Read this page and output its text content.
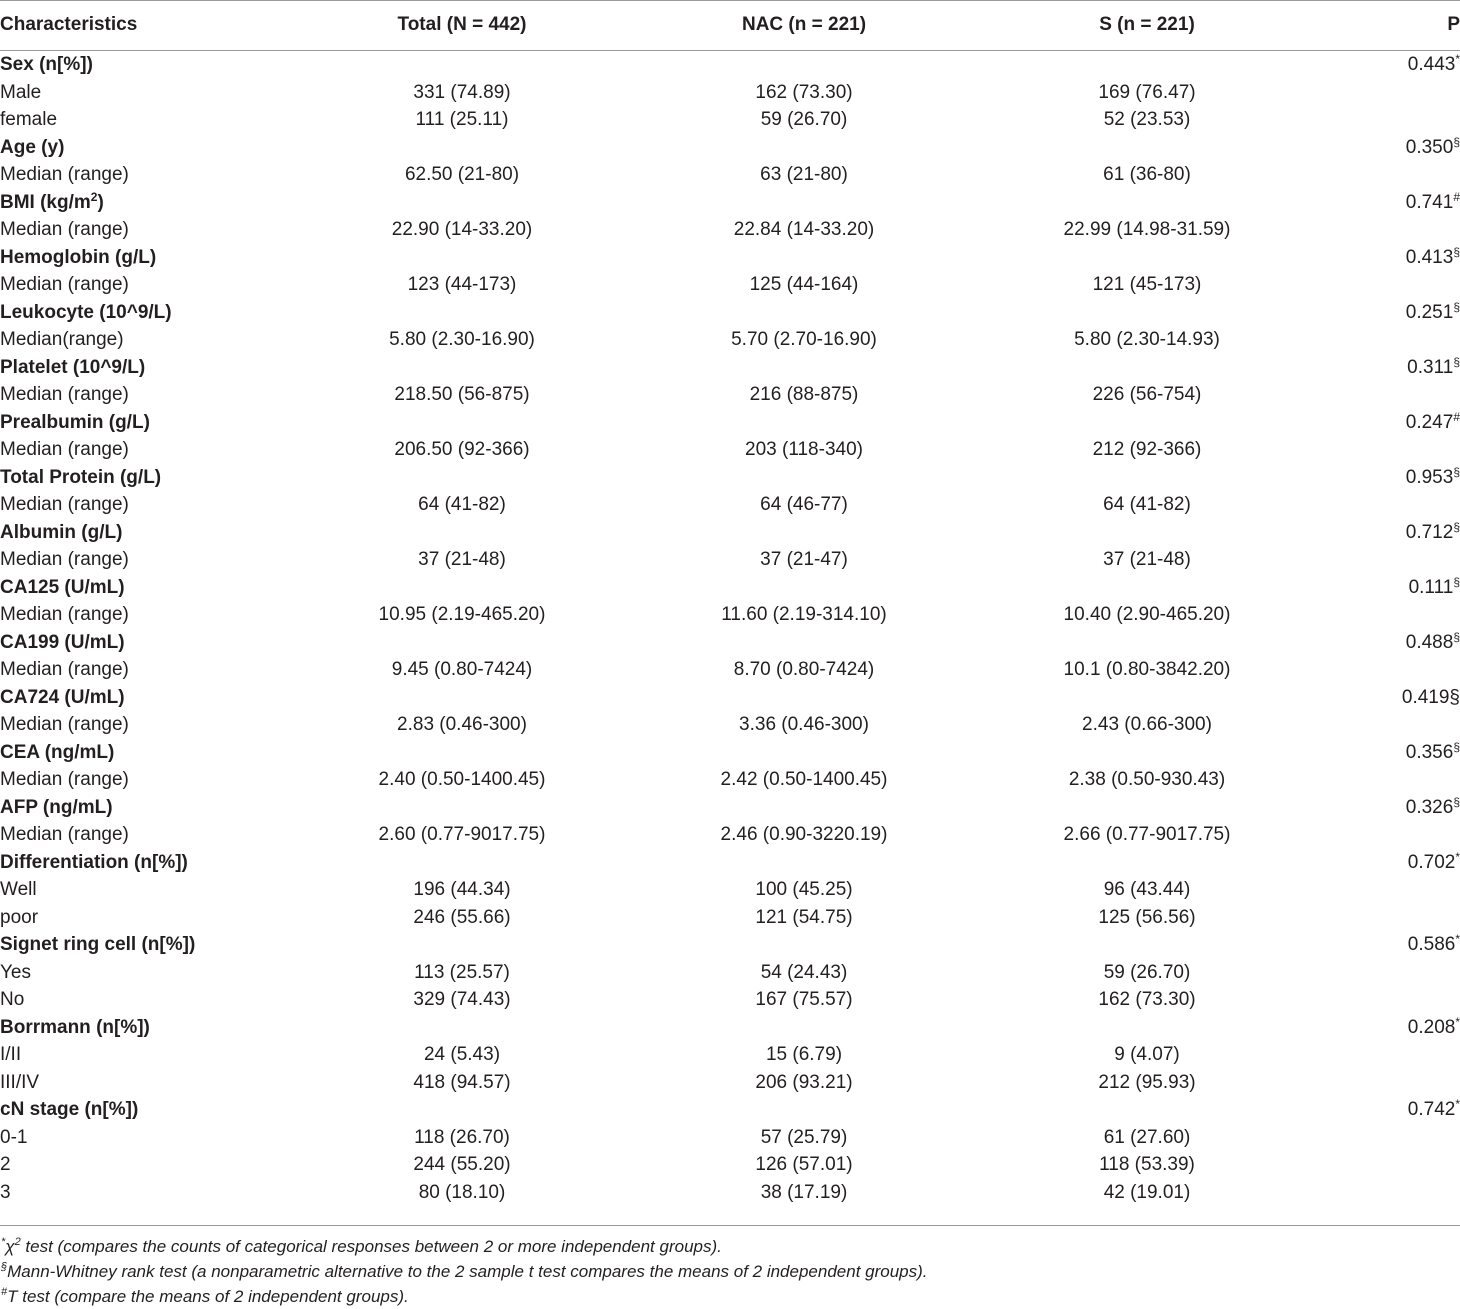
Characteristics	Total (N = 442)	NAC (n = 221)	S (n = 221)	P
Sex (n[%])				0.443*
Male	331 (74.89)	162 (73.30)	169 (76.47)	
female	111 (25.11)	59 (26.70)	52 (23.53)	
Age (y)				0.350§
Median (range)	62.50 (21-80)	63 (21-80)	61 (36-80)	
BMI $(kg/m^2)$				0.741#
Median (range)	22.90 (14-33.20)	22.84 (14-33.20)	22.99 (14.98-31.59)	
Hemoglobin (g/L)				0.413§
Median (range)	123 (44-173)	125 (44-164)	121 (45-173)	
Leukocyte (10^9/L)				0.251§
Median(range)	5.80 (2.30-16.90)	5.70 (2.70-16.90)	5.80 (2.30-14.93)	
Platelet (10^9/L)				0.311§
Median (range)	218.50 (56-875)	216 (88-875)	226 (56-754)	
Prealbumin (g/L)				0.247#
Median (range)	206.50 (92-366)	203 (118-340)	212 (92-366)	
Total Protein (g/L)				0.953§
Median (range)	64 (41-82)	64 (46-77)	64 (41-82)	
Albumin (g/L)				0.712§
Median (range)	37 (21-48)	37 (21-47)	37 (21-48)	
CA125 (U/mL)				0.111§
Median (range)	10.95 (2.19-465.20)	11.60 (2.19-314.10)	10.40 (2.90-465.20)	
CA199 (U/mL)				0.488§
Median (range)	9.45 (0.80-7424)	8.70 (0.80-7424)	10.1 (0.80-3842.20)	
CA724 (U/mL)				0.419§
Median (range)	2.83 (0.46-300)	3.36 (0.46-300)	2.43 (0.66-300)	
CEA (ng/mL)				0.356§
Median (range)	2.40 (0.50-1400.45)	2.42 (0.50-1400.45)	2.38 (0.50-930.43)	
AFP (ng/mL)				0.326§
Median (range)	2.60 (0.77-9017.75)	2.46 (0.90-3220.19)	2.66 (0.77-9017.75)	
Differentiation (n[%])				0.702*
Well	196 (44.34)	100 (45.25)	96 (43.44)	
poor	246 (55.66)	121 (54.75)	125 (56.56)	
Signet ring cell (n[%])				0.586*
Yes	113 (25.57)	54 (24.43)	59 (26.70)	
No	329 (74.43)	167 (75.57)	162 (73.30)	
Borrmann (n[%])				0.208*
I/II	24 (5.43)	15 (6.79)	9 (4.07)	
III/IV	418 (94.57)	206 (93.21)	212 (95.93)	
cN stage (n[%])				0.742*
0-1	118 (26.70)	57 (25.79)	61 (27.60)	
2	244 (55.20)	126 (57.01)	118 (53.39)	
3	80 (18.10)	38 (17.19)	42 (19.01)	
$^*\chi^2$ test (compares the counts of categorical responses between 2 or more independent groups).
§Mann-Whitney rank test (a nonparametric alternative to the 2 sample t test compares the means of 2 independent groups).
#T test (compare the means of 2 independent groups).
